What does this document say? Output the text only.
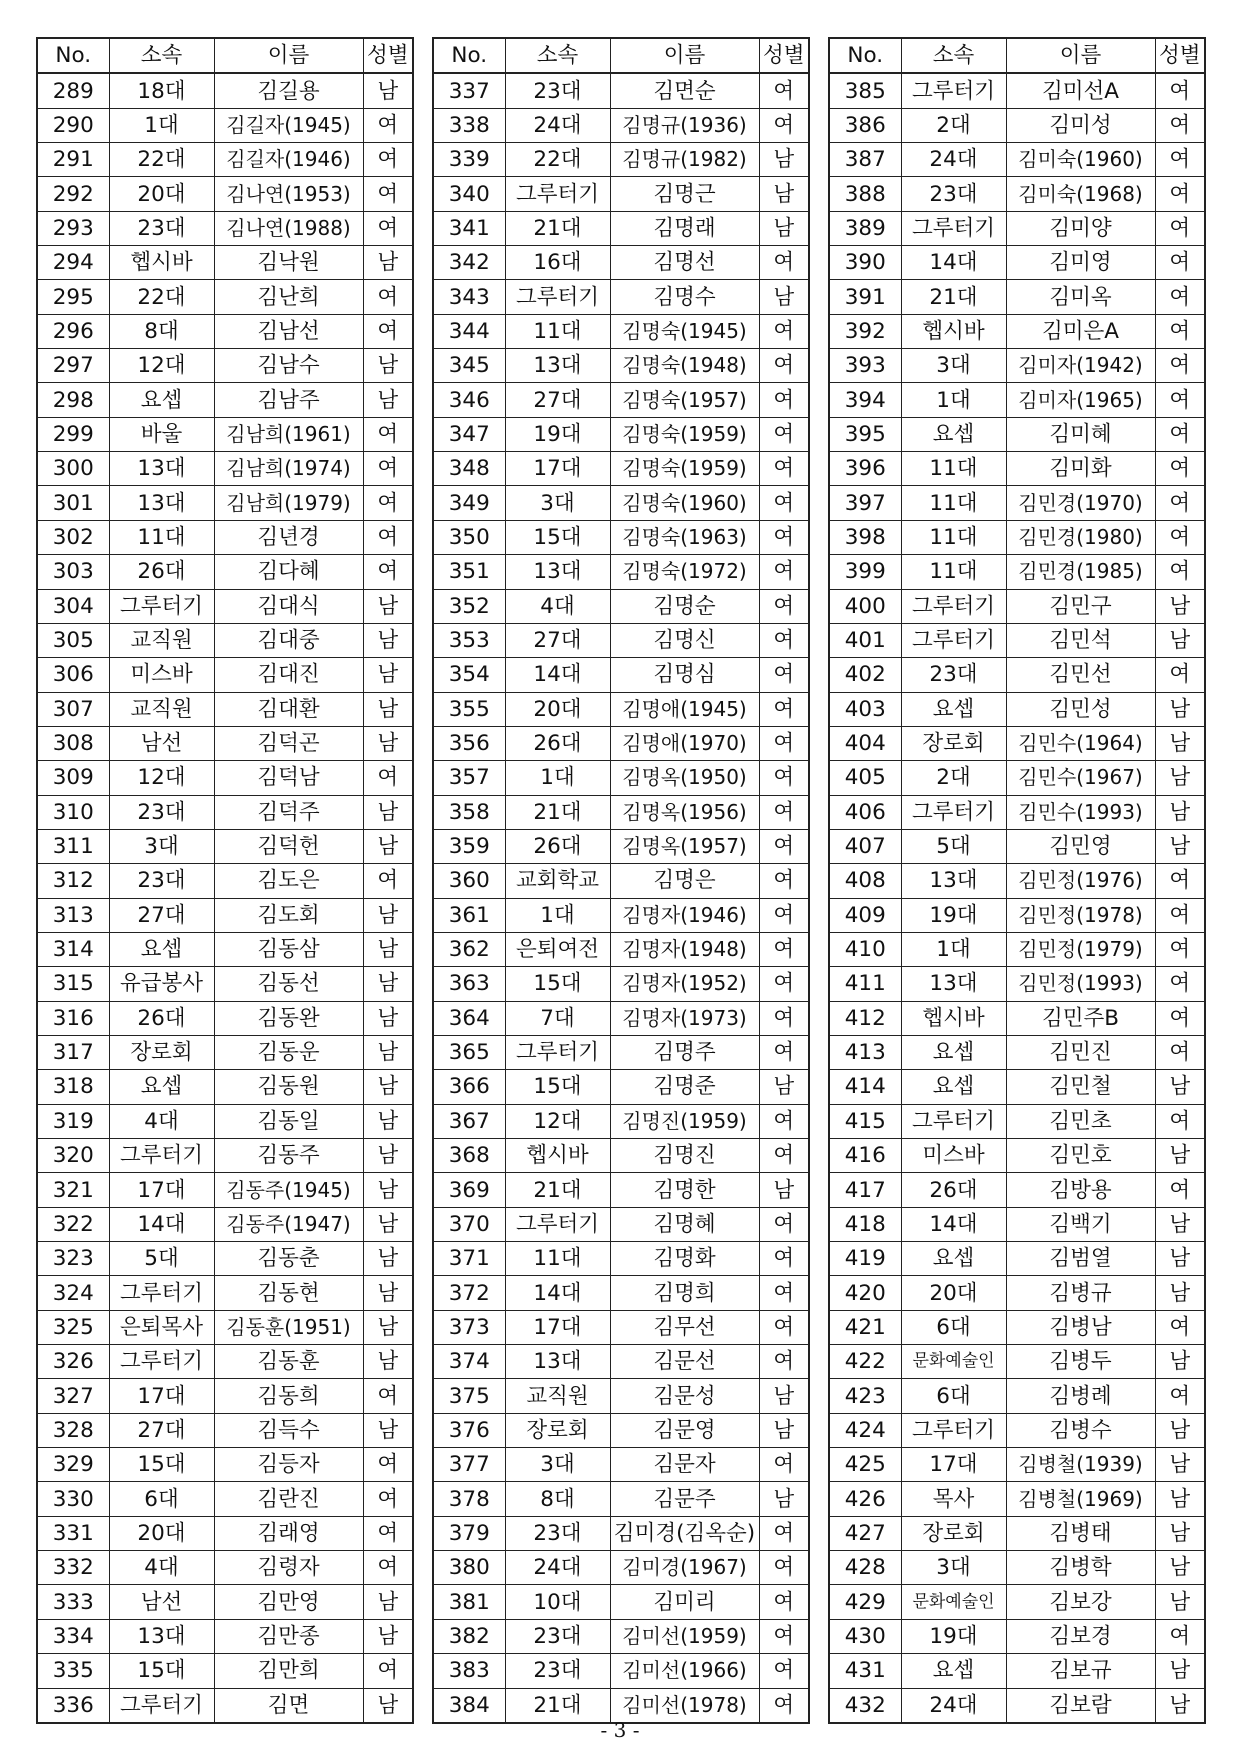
No.	소속	이름	성별
289	18대	김길용	남
290	1대	김길자(1945)	여
291	22대	김길자(1946)	여
292	20대	김나연(1953)	여
293	23대	김나연(1988)	여
294	헵시바	김낙원	남
295	22대	김난희	여
296	8대	김남선	여
297	12대	김남수	남
298	요셉	김남주	남
299	바울	김남희(1961)	여
300	13대	김남희(1974)	여
301	13대	김남희(1979)	여
302	11대	김년경	여
303	26대	김다혜	여
304	그루터기	김대식	남
305	교직원	김대중	남
306	미스바	김대진	남
307	교직원	김대환	남
308	남선	김덕곤	남
309	12대	김덕남	여
310	23대	김덕주	남
311	3대	김덕헌	남
312	23대	김도은	여
313	27대	김도회	남
314	요셉	김동삼	남
315	유급봉사	김동선	남
316	26대	김동완	남
317	장로회	김동운	남
318	요셉	김동원	남
319	4대	김동일	남
320	그루터기	김동주	남
321	17대	김동주(1945)	남
322	14대	김동주(1947)	남
323	5대	김동춘	남
324	그루터기	김동현	남
325	은퇴목사	김동훈(1951)	남
326	그루터기	김동훈	남
327	17대	김동희	여
328	27대	김득수	남
329	15대	김등자	여
330	6대	김란진	여
331	20대	김래영	여
332	4대	김령자	여
333	남선	김만영	남
334	13대	김만종	남
335	15대	김만희	여
336	그루터기	김면	남
No.	소속	이름	성별
337	23대	김면순	여
338	24대	김명규(1936)	여
339	22대	김명규(1982)	남
340	그루터기	김명근	남
341	21대	김명래	남
342	16대	김명선	여
343	그루터기	김명수	남
344	11대	김명숙(1945)	여
345	13대	김명숙(1948)	여
346	27대	김명숙(1957)	여
347	19대	김명숙(1959)	여
348	17대	김명숙(1959)	여
349	3대	김명숙(1960)	여
350	15대	김명숙(1963)	여
351	13대	김명숙(1972)	여
352	4대	김명순	여
353	27대	김명신	여
354	14대	김명심	여
355	20대	김명애(1945)	여
356	26대	김명애(1970)	여
357	1대	김명옥(1950)	여
358	21대	김명옥(1956)	여
359	26대	김명옥(1957)	여
360	교회학교	김명은	여
361	1대	김명자(1946)	여
362	은퇴여전	김명자(1948)	여
363	15대	김명자(1952)	여
364	7대	김명자(1973)	여
365	그루터기	김명주	여
366	15대	김명준	남
367	12대	김명진(1959)	여
368	헵시바	김명진	여
369	21대	김명한	남
370	그루터기	김명혜	여
371	11대	김명화	여
372	14대	김명희	여
373	17대	김무선	여
374	13대	김문선	여
375	교직원	김문성	남
376	장로회	김문영	남
377	3대	김문자	여
378	8대	김문주	남
379	23대	김미경(김옥순)	여
380	24대	김미경(1967)	여
381	10대	김미리	여
382	23대	김미선(1959)	여
383	23대	김미선(1966)	여
384	21대	김미선(1978)	여
No.	소속	이름	성별
385	그루터기	김미선A	여
386	2대	김미성	여
387	24대	김미숙(1960)	여
388	23대	김미숙(1968)	여
389	그루터기	김미양	여
390	14대	김미영	여
391	21대	김미옥	여
392	헵시바	김미은A	여
393	3대	김미자(1942)	여
394	1대	김미자(1965)	여
395	요셉	김미혜	여
396	11대	김미화	여
397	11대	김민경(1970)	여
398	11대	김민경(1980)	여
399	11대	김민경(1985)	여
400	그루터기	김민구	남
401	그루터기	김민석	남
402	23대	김민선	여
403	요셉	김민성	남
404	장로회	김민수(1964)	남
405	2대	김민수(1967)	남
406	그루터기	김민수(1993)	남
407	5대	김민영	남
408	13대	김민정(1976)	여
409	19대	김민정(1978)	여
410	1대	김민정(1979)	여
411	13대	김민정(1993)	여
412	헵시바	김민주B	여
413	요셉	김민진	여
414	요셉	김민철	남
415	그루터기	김민초	여
416	미스바	김민호	남
417	26대	김방용	여
418	14대	김백기	남
419	요셉	김범열	남
420	20대	김병규	남
421	6대	김병남	여
422	문화예술인	김병두	남
423	6대	김병례	여
424	그루터기	김병수	남
425	17대	김병철(1939)	남
426	목사	김병철(1969)	남
427	장로회	김병태	남
428	3대	김병학	남
429	문화예술인	김보강	남
430	19대	김보경	여
431	요셉	김보규	남
432	24대	김보람	남
- 3 -
